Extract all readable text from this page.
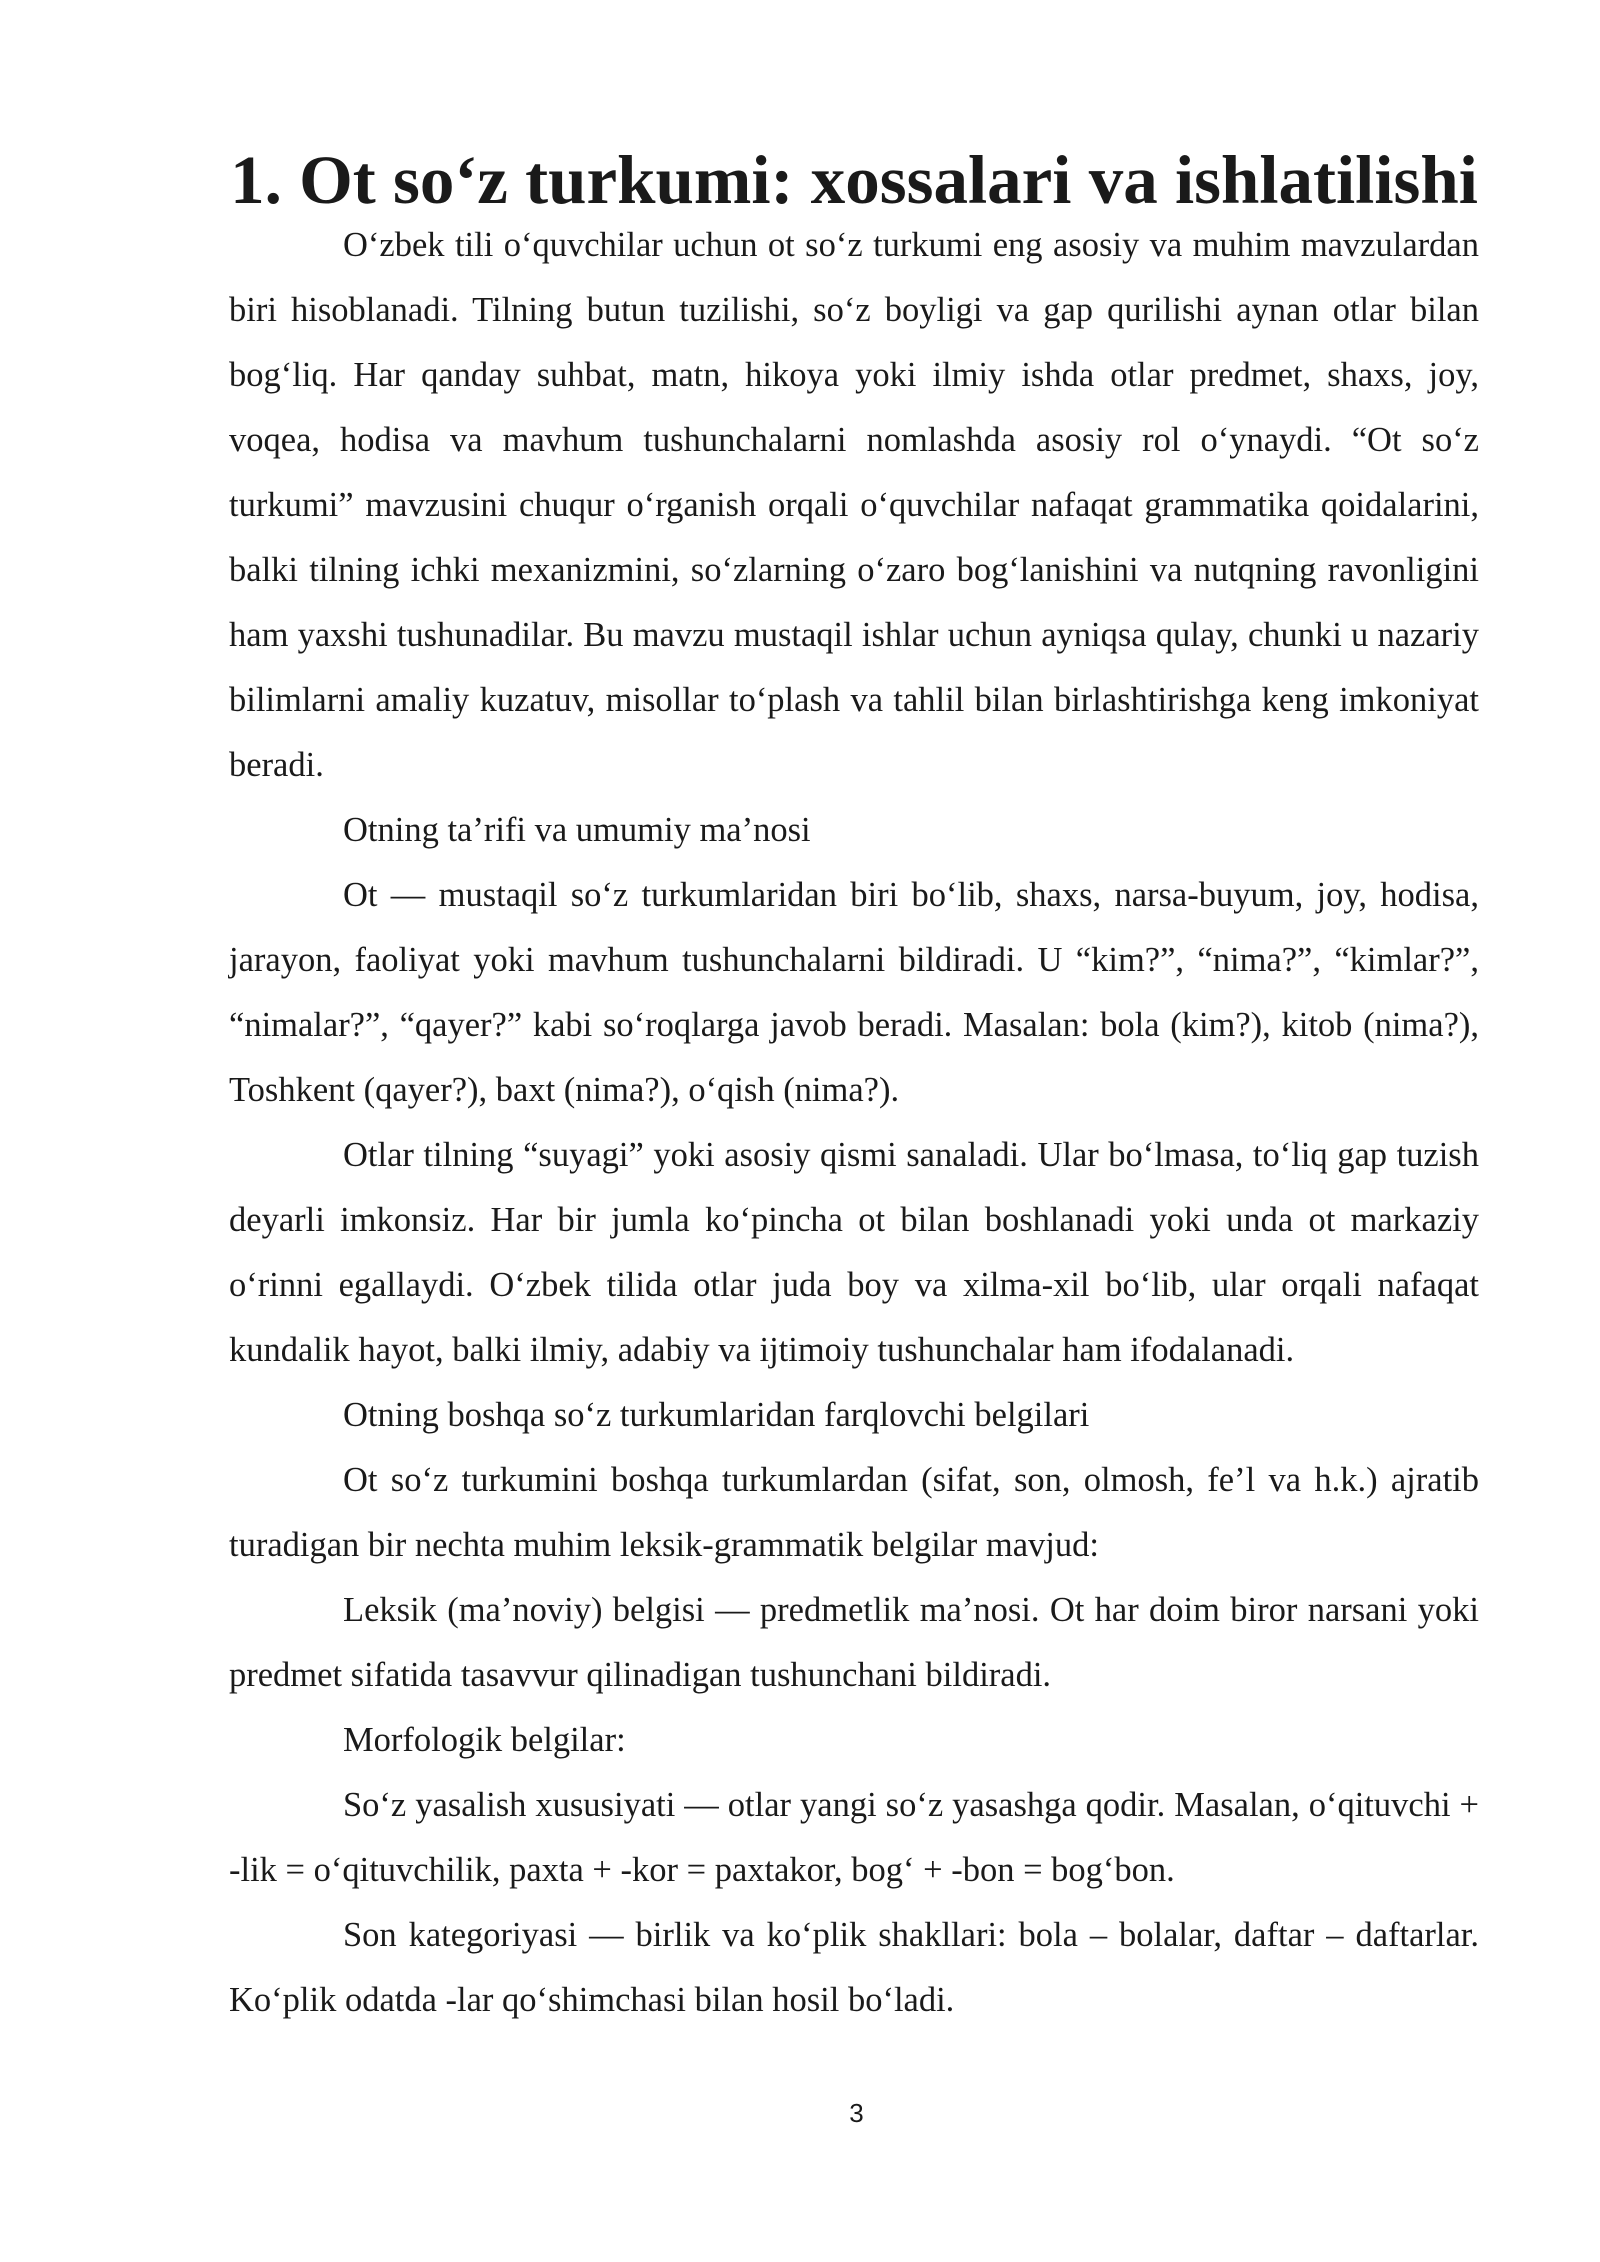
1. Ot so‘z turkumi: xossalari va ishlatilishi

O‘zbek tili o‘quvchilar uchun ot so‘z turkumi eng asosiy va muhim mavzulardan biri hisoblanadi. Tilning butun tuzilishi, so‘z boyligi va gap qurilishi aynan otlar bilan bog‘liq. Har qanday suhbat, matn, hikoya yoki ilmiy ishda otlar predmet, shaxs, joy, voqea, hodisa va mavhum tushunchalarni nomlashda asosiy rol o‘ynaydi. “Ot so‘z turkumi” mavzusini chuqur o‘rganish orqali o‘quvchilar nafaqat grammatika qoidalarini, balki tilning ichki mexanizmini, so‘zlarning o‘zaro bog‘lanishini va nutqning ravonligini ham yaxshi tushunadilar. Bu mavzu mustaqil ishlar uchun ayniqsa qulay, chunki u nazariy bilimlarni amaliy kuzatuv, misollar to‘plash va tahlil bilan birlashtirishga keng imkoniyat beradi.

Otning ta’rifi va umumiy ma’nosi

Ot — mustaqil so‘z turkumlaridan biri bo‘lib, shaxs, narsa-buyum, joy, hodisa, jarayon, faoliyat yoki mavhum tushunchalarni bildiradi. U “kim?”, “nima?”, “kimlar?”, “nimalar?”, “qayer?” kabi so‘roqlarga javob beradi. Masalan: bola (kim?), kitob (nima?), Toshkent (qayer?), baxt (nima?), o‘qish (nima?).

Otlar tilning “suyagi” yoki asosiy qismi sanaladi. Ular bo‘lmasa, to‘liq gap tuzish deyarli imkonsiz. Har bir jumla ko‘pincha ot bilan boshlanadi yoki unda ot markaziy o‘rinni egallaydi. O‘zbek tilida otlar juda boy va xilma-xil bo‘lib, ular orqali nafaqat kundalik hayot, balki ilmiy, adabiy va ijtimoiy tushunchalar ham ifodalanadi.

Otning boshqa so‘z turkumlaridan farqlovchi belgilari

Ot so‘z turkumini boshqa turkumlardan (sifat, son, olmosh, fe’l va h.k.) ajratib turadigan bir nechta muhim leksik-grammatik belgilar mavjud:

Leksik (ma’noviy) belgisi — predmetlik ma’nosi. Ot har doim biror narsani yoki predmet sifatida tasavvur qilinadigan tushunchani bildiradi.

Morfologik belgilar:

So‘z yasalish xususiyati — otlar yangi so‘z yasashga qodir. Masalan, o‘qituvchi + -lik = o‘qituvchilik, paxta + -kor = paxtakor, bog‘ + -bon = bog‘bon.

Son kategoriyasi — birlik va ko‘plik shakllari: bola – bolalar, daftar – daftarlar. Ko‘plik odatda -lar qo‘shimchasi bilan hosil bo‘ladi.

3
